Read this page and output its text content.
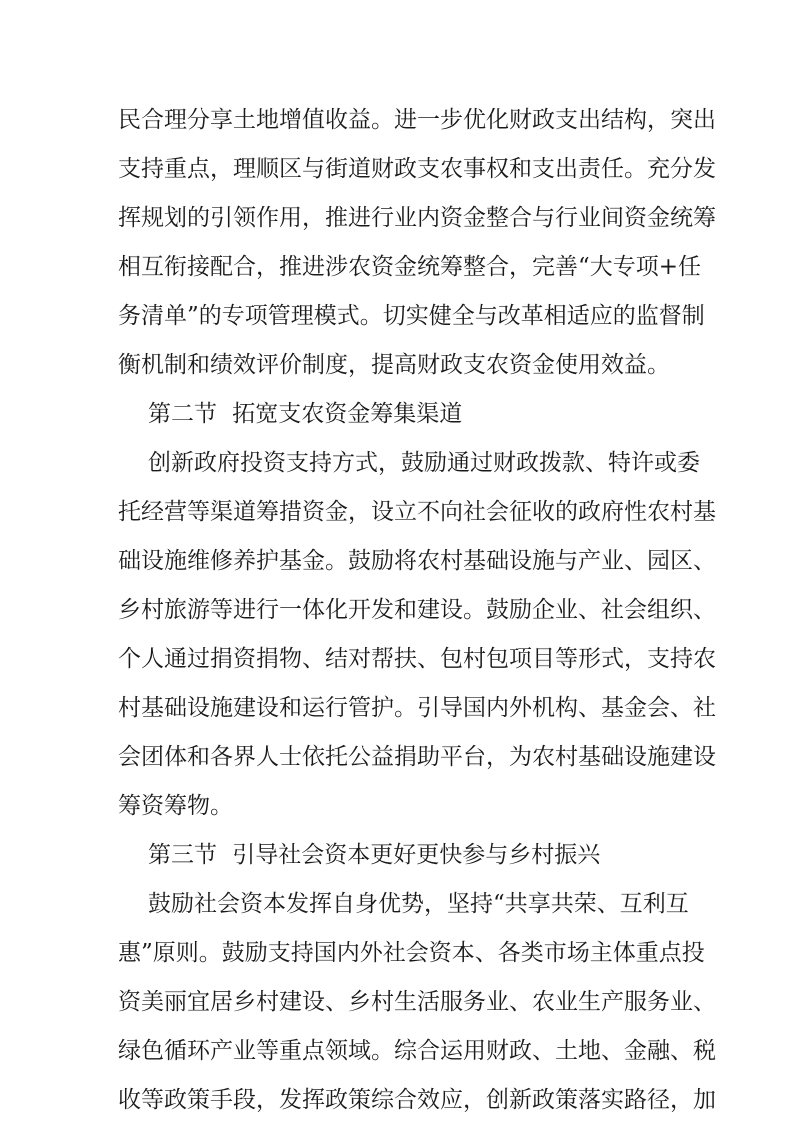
民合理分享土地增值收益。进一步优化财政支出结构，突出
支持重点，理顺区与街道财政支农事权和支出责任。充分发
挥规划的引领作用，推进行业内资金整合与行业间资金统筹
相互衔接配合，推进涉农资金统筹整合，完善“大专项+任
务清单”的专项管理模式。切实健全与改革相适应的监督制
衡机制和绩效评价制度，提高财政支农资金使用效益。
第二节 拓宽支农资金筹集渠道
创新政府投资支持方式，鼓励通过财政拨款、特许或委
托经营等渠道筹措资金，设立不向社会征收的政府性农村基
础设施维修养护基金。鼓励将农村基础设施与产业、园区、
乡村旅游等进行一体化开发和建设。鼓励企业、社会组织、
个人通过捐资捐物、结对帮扶、包村包项目等形式，支持农
村基础设施建设和运行管护。引导国内外机构、基金会、社
会团体和各界人士依托公益捐助平台，为农村基础设施建设
筹资筹物。
第三节 引导社会资本更好更快参与乡村振兴
鼓励社会资本发挥自身优势，坚持“共享共荣、互利互
惠”原则。鼓励支持国内外社会资本、各类市场主体重点投
资美丽宜居乡村建设、乡村生活服务业、农业生产服务业、
绿色循环产业等重点领域。综合运用财政、土地、金融、税
收等政策手段，发挥政策综合效应，创新政策落实路径，加
